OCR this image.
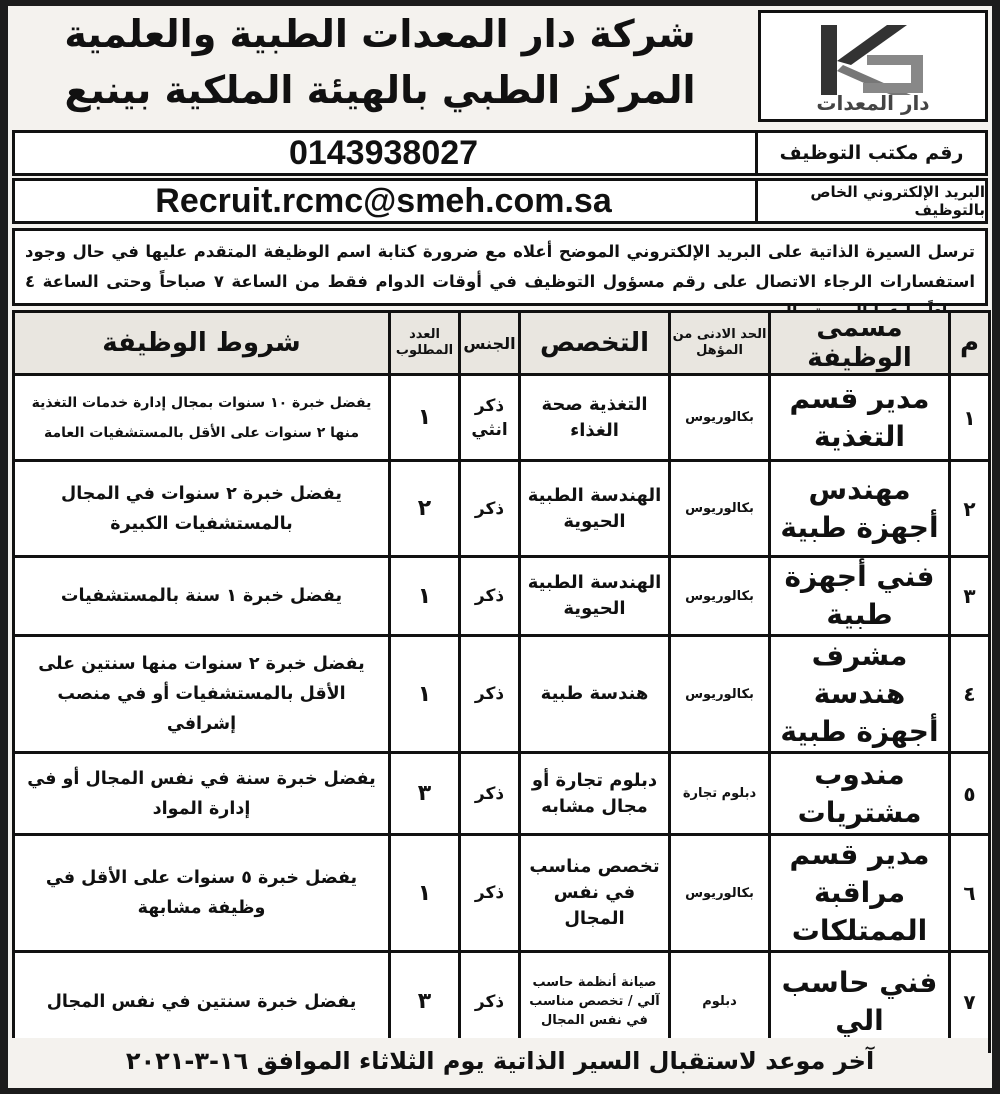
دار المعدات
شركة دار المعدات الطبية والعلمية
المركز الطبي بالهيئة الملكية بينبع
رقم مكتب التوظيف
0143938027
البريد الإلكتروني الخاص بالتوظيف
Recruit.rcmc@smeh.com.sa
ترسل السيرة الذاتية على البريد الإلكتروني الموضح أعلاه مع ضرورة كتابة اسم الوظيفة المتقدم عليها في حال وجود استفسارات الرجاء الاتصال على رقم مسؤول التوظيف في أوقات الدوام فقط من الساعة ٧ صباحاً وحتى الساعة ٤
م	مسمى الوظيفة	الحد الادنى من المؤهل	التخصص	الجنس	العدد المطلوب	شروط الوظيفة
١	مدير قسم التغذية	بكالوريوس	التغذية صحة الغذاء	ذكر انثي	١	يفضل خبرة ١٠ سنوات بمجال إدارة خدمات التغذية منها ٢ سنوات على الأقل بالمستشفيات العامة
٢	مهندس أجهزة طبية	بكالوريوس	الهندسة الطبية الحيوية	ذكر	٢	يفضل خبرة ٢ سنوات في المجال بالمستشفيات الكبيرة
٣	فني أجهزة طبية	بكالوريوس	الهندسة الطبية الحيوية	ذكر	١	يفضل خبرة ١ سنة بالمستشفيات
٤	مشرف هندسة أجهزة طبية	بكالوريوس	هندسة طبية	ذكر	١	يفضل خبرة ٢ سنوات منها سنتين على الأقل بالمستشفيات أو في منصب إشرافي
٥	مندوب مشتريات	دبلوم تجارة	دبلوم تجارة أو مجال مشابه	ذكر	٣	يفضل خبرة سنة في نفس المجال أو في إدارة المواد
٦	مدير قسم مراقبة الممتلكات	بكالوريوس	تخصص مناسب في نفس المجال	ذكر	١	يفضل خبرة ٥ سنوات على الأقل في وظيفة مشابهة
٧	فني حاسب الي	دبلوم	صيانة أنظمة حاسب آلي / تخصص مناسب في نفس المجال	ذكر	٣	يفضل خبرة سنتين في نفس المجال
آخر موعد لاستقبال السير الذاتية يوم الثلاثاء الموافق ١٦-٣-٢٠٢١
